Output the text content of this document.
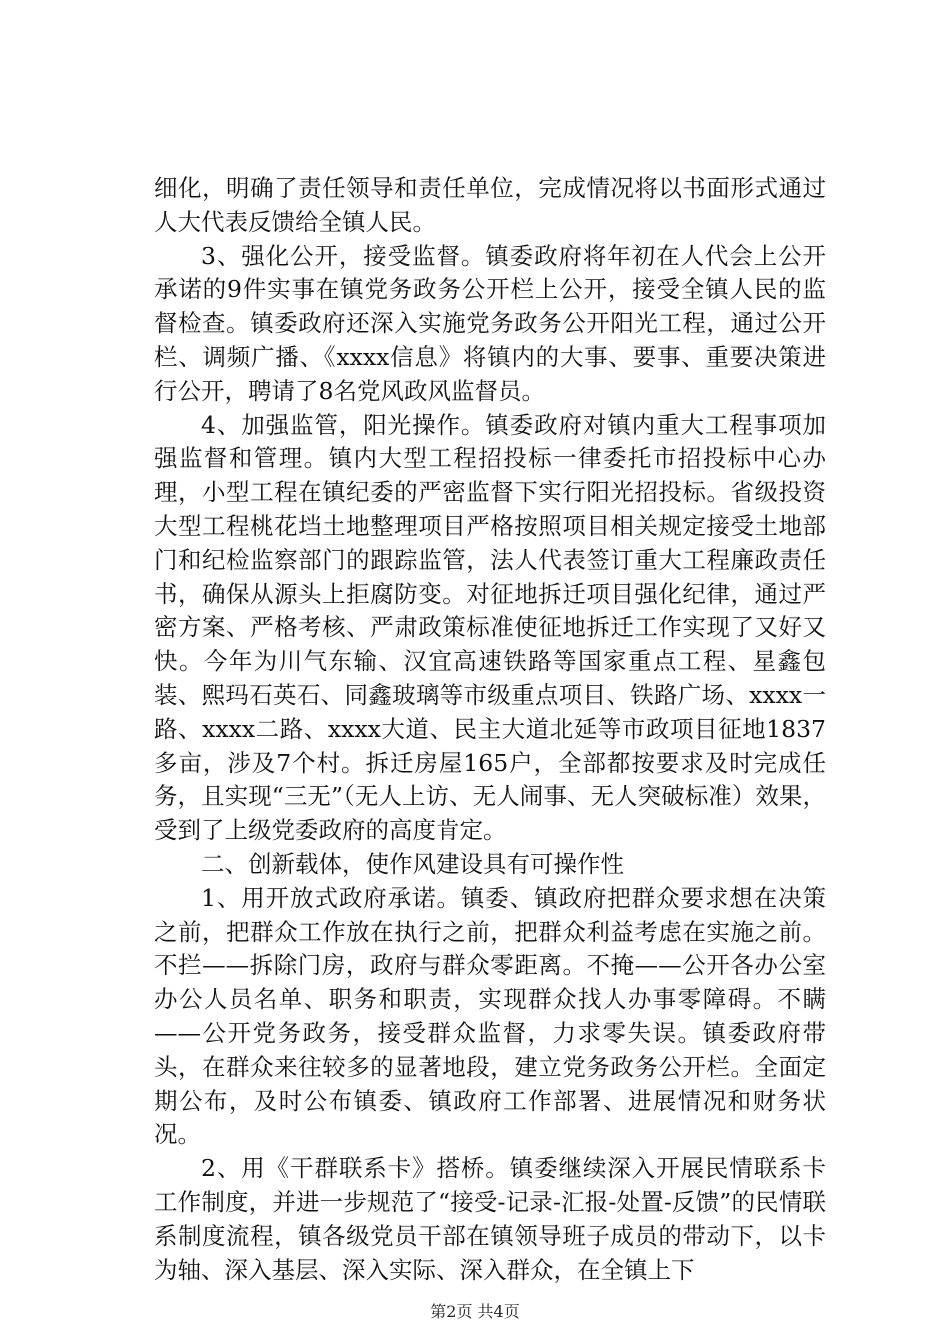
细化，明确了责任领导和责任单位，完成情况将以书面形式通过人大代表反馈给全镇人民。

3、强化公开，接受监督。镇委政府将年初在人代会上公开承诺的9件实事在镇党务政务公开栏上公开，接受全镇人民的监督检查。镇委政府还深入实施党务政务公开阳光工程，通过公开栏、调频广播、《xxxx信息》将镇内的大事、要事、重要决策进行公开，聘请了8名党风政风监督员。

4、加强监管，阳光操作。镇委政府对镇内重大工程事项加强监督和管理。镇内大型工程招投标一律委托市招投标中心办理，小型工程在镇纪委的严密监督下实行阳光招投标。省级投资大型工程桃花垱土地整理项目严格按照项目相关规定接受土地部门和纪检监察部门的跟踪监管，法人代表签订重大工程廉政责任书，确保从源头上拒腐防变。对征地拆迁项目强化纪律，通过严密方案、严格考核、严肃政策标准使征地拆迁工作实现了又好又快。今年为川气东输、汉宜高速铁路等国家重点工程、星鑫包装、熙玛石英石、同鑫玻璃等市级重点项目、铁路广场、xxxx一路、xxxx二路、xxxx大道、民主大道北延等市政项目征地1837多亩，涉及7个村。拆迁房屋165户，全部都按要求及时完成任务，且实现“三无”（无人上访、无人闹事、无人突破标准）效果，受到了上级党委政府的高度肯定。

二、创新载体，使作风建设具有可操作性

1、用开放式政府承诺。镇委、镇政府把群众要求想在决策之前，把群众工作放在执行之前，把群众利益考虑在实施之前。不拦——拆除门房，政府与群众零距离。不掩——公开各办公室办公人员名单、职务和职责，实现群众找人办事零障碍。不瞒——公开党务政务，接受群众监督，力求零失误。镇委政府带头，在群众来往较多的显著地段，建立党务政务公开栏。全面定期公布，及时公布镇委、镇政府工作部署、进展情况和财务状况。

2、用《干群联系卡》搭桥。镇委继续深入开展民情联系卡工作制度，并进一步规范了“接受-记录-汇报-处置-反馈”的民情联系制度流程，镇各级党员干部在镇领导班子成员的带动下，以卡为轴、深入基层、深入实际、深入群众，在全镇上下

第2页 共4页
